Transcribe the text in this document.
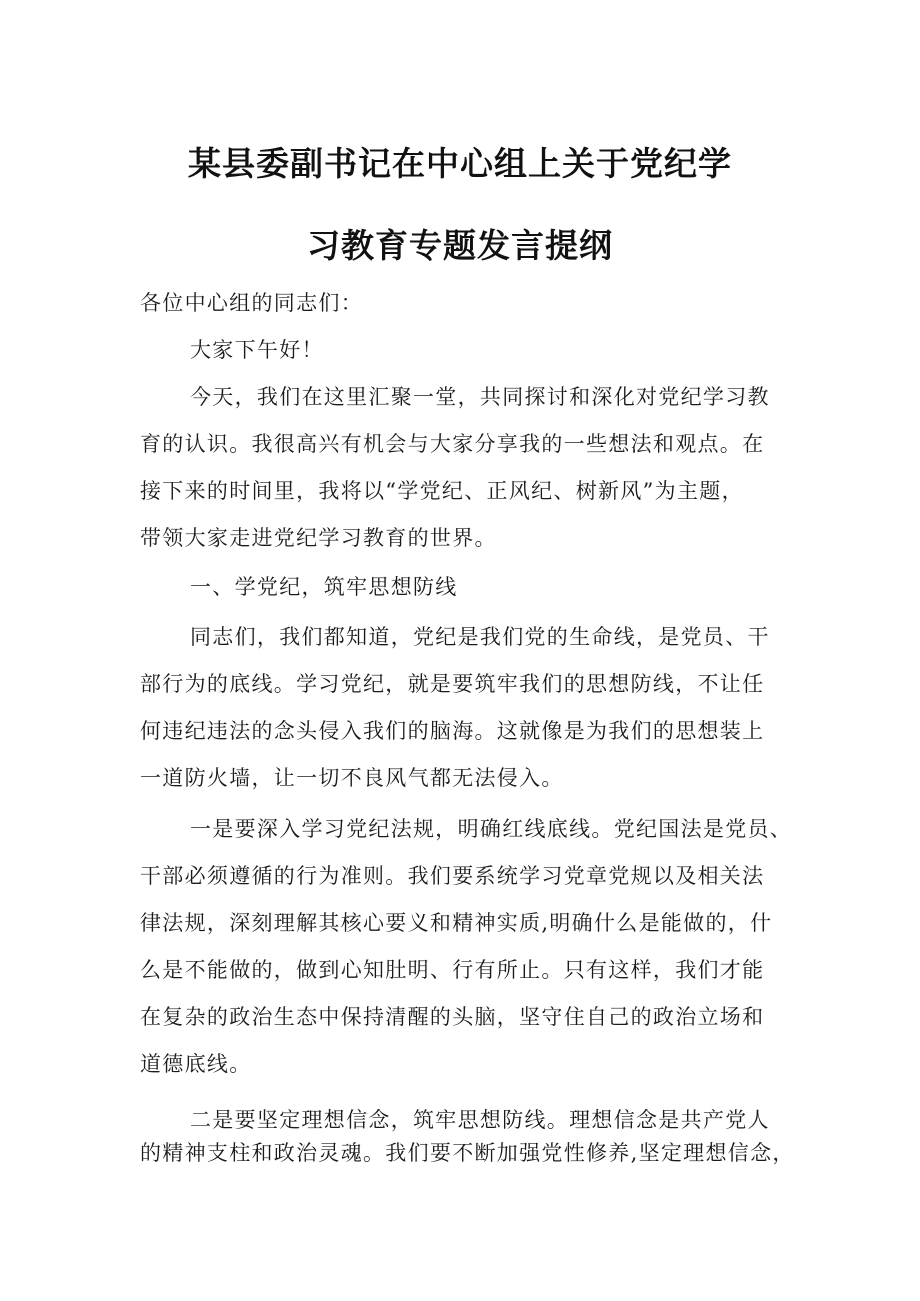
某县委副书记在中心组上关于党纪学
习教育专题发言提纲
各位中心组的同志们：
大家下午好！
今天，我们在这里汇聚一堂，共同探讨和深化对党纪学习教
育的认识。我很高兴有机会与大家分享我的一些想法和观点。在
接下来的时间里，我将以“学党纪、正风纪、树新风”为主题，
带领大家走进党纪学习教育的世界。
一、学党纪，筑牢思想防线
同志们，我们都知道，党纪是我们党的生命线，是党员、干
部行为的底线。学习党纪，就是要筑牢我们的思想防线，不让任
何违纪违法的念头侵入我们的脑海。这就像是为我们的思想装上
一道防火墙，让一切不良风气都无法侵入。
一是要深入学习党纪法规，明确红线底线。党纪国法是党员、
干部必须遵循的行为准则。我们要系统学习党章党规以及相关法
律法规，深刻理解其核心要义和精神实质,明确什么是能做的，什
么是不能做的，做到心知肚明、行有所止。只有这样，我们才能
在复杂的政治生态中保持清醒的头脑，坚守住自己的政治立场和
道德底线。
二是要坚定理想信念，筑牢思想防线。理想信念是共产党人
的精神支柱和政治灵魂。我们要不断加强党性修养,坚定理想信念，
